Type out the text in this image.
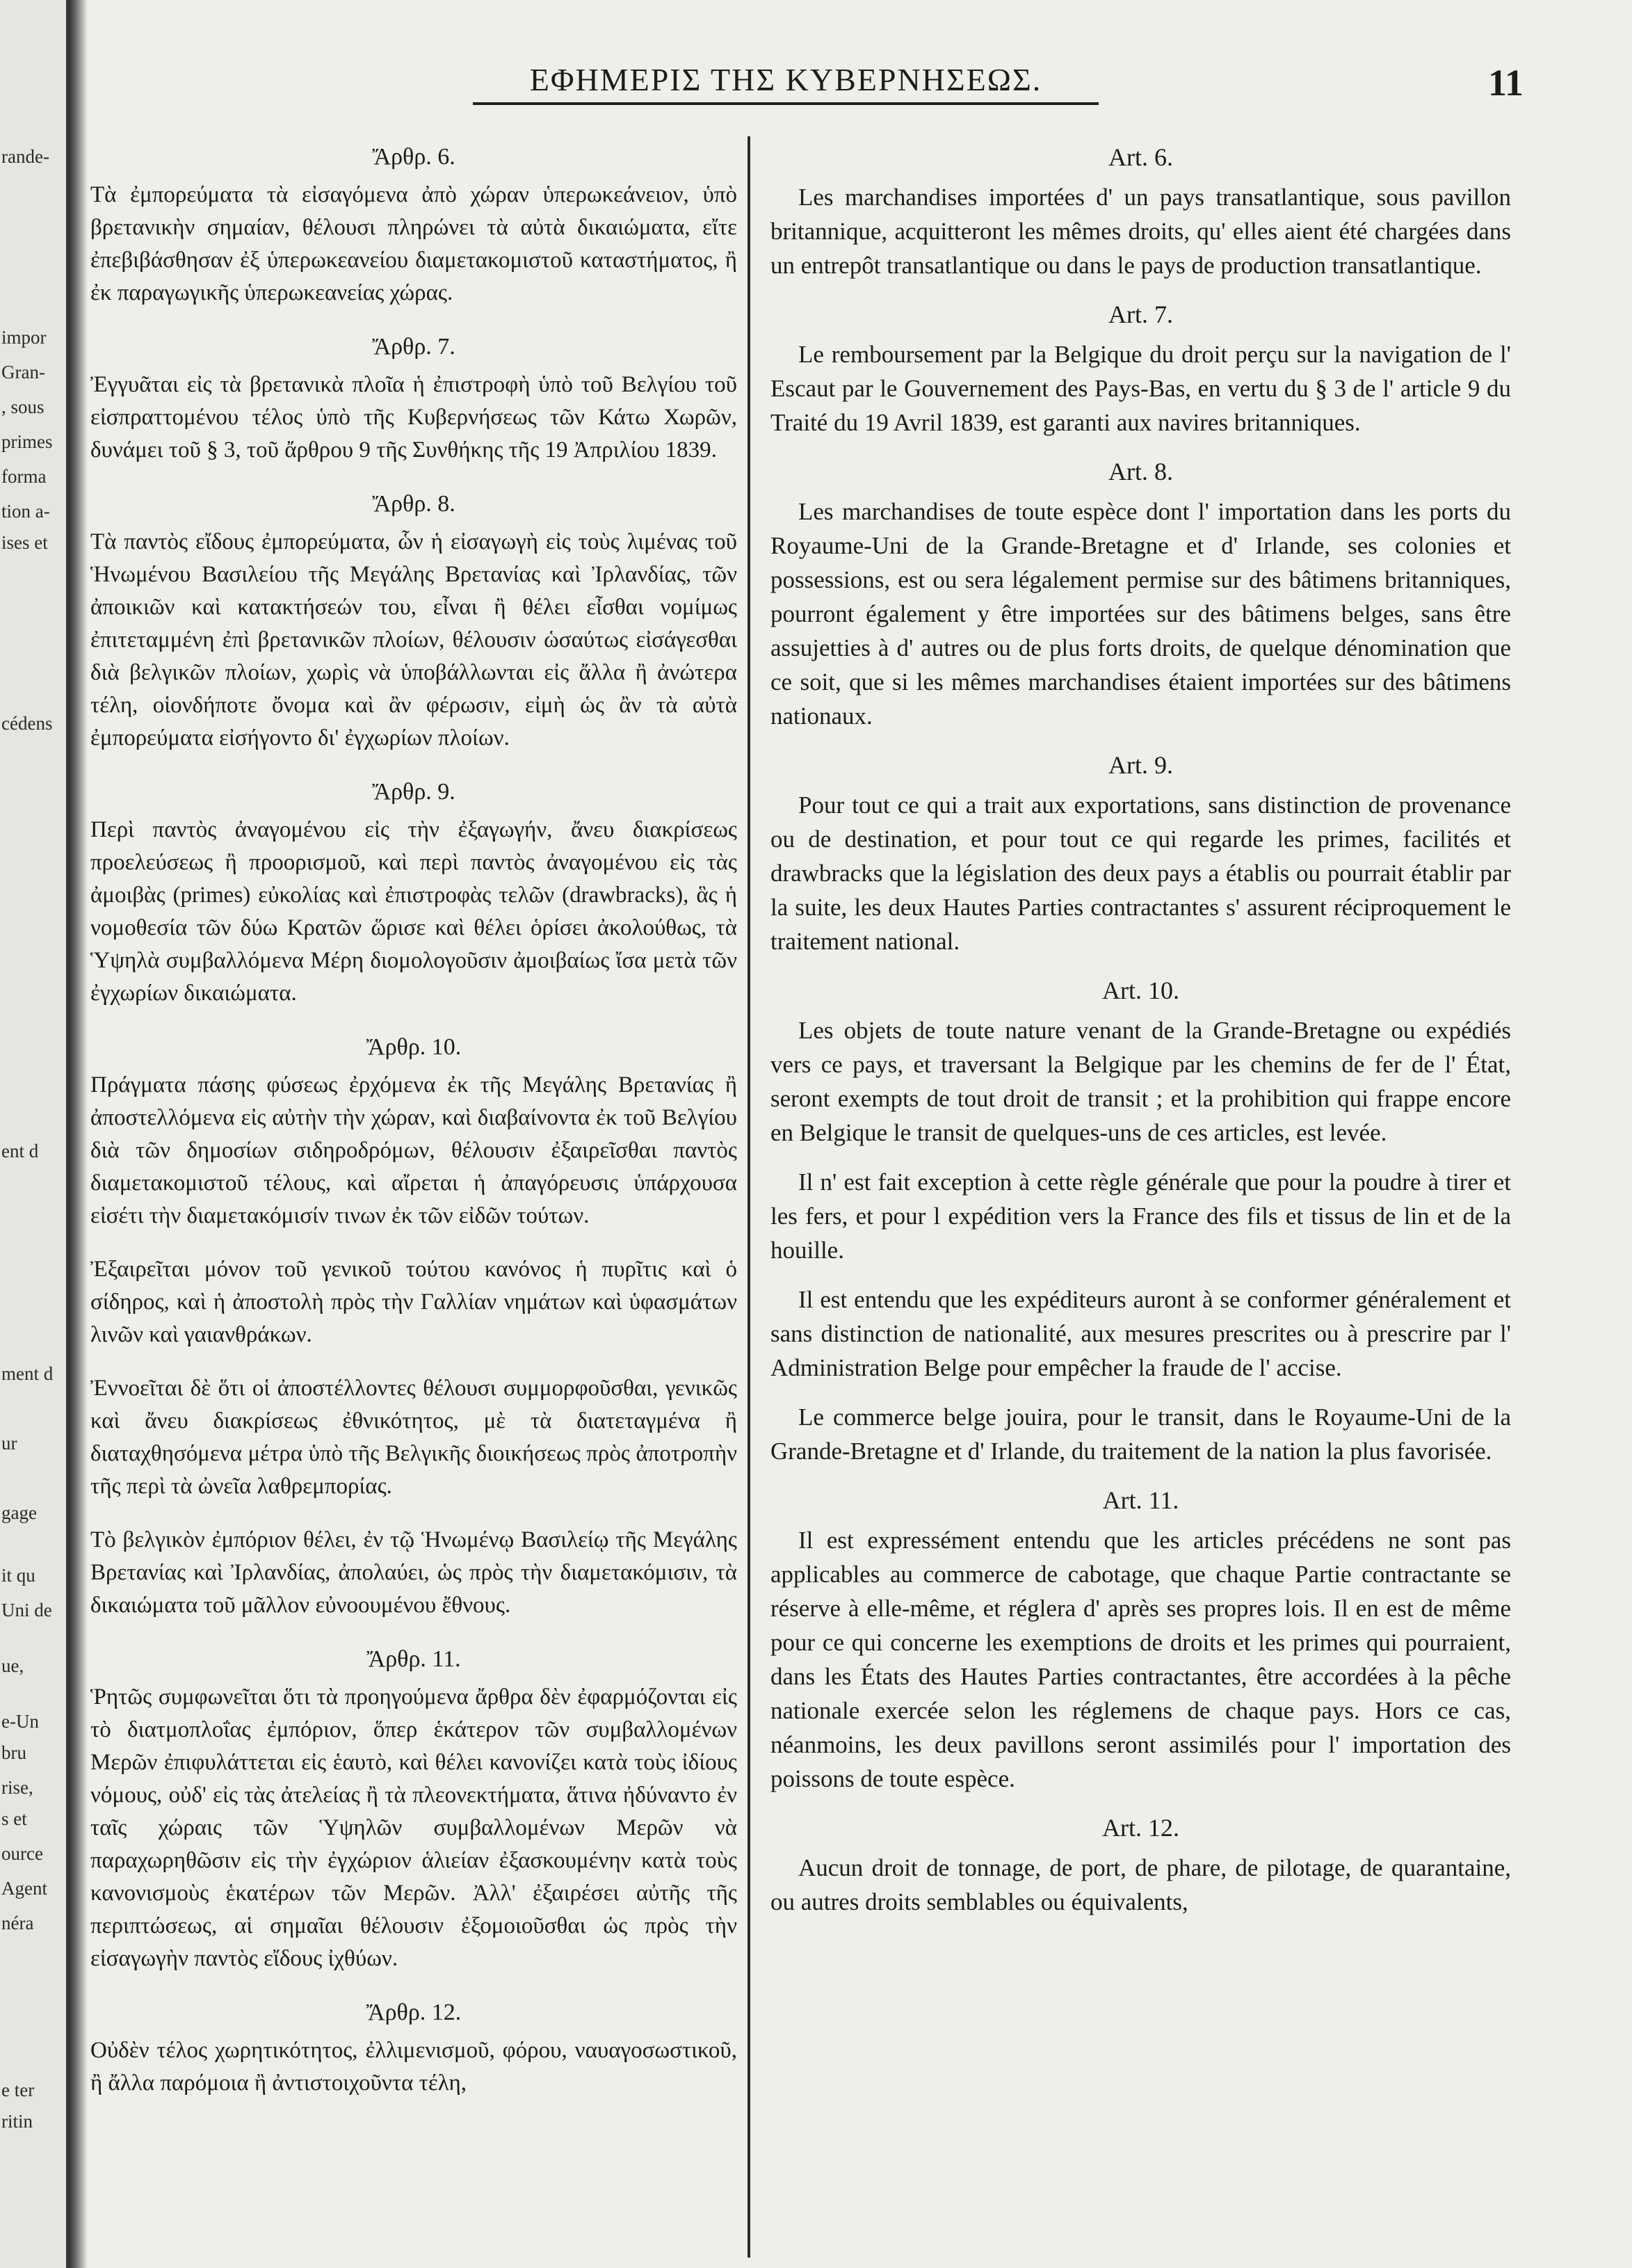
rande-
impor
Gran-
, sous
primes
forma
tion a-
ises et
cédens
ent d
ment d
ur
gage
it qu
Uni de
ue,
e-Un
bru
rise,
s et
ource
Agent
néra
e ter
ritin
ΕΦΗΜΕΡΙΣ ΤΗΣ ΚΥΒΕΡΝΗΣΕΩΣ.	11
Ἄρθρ. 6.
Τὰ ἐμπορεύματα τὰ εἰσαγόμενα ἀπὸ χώραν ὑπερωκεάνειον, ὑπὸ βρετανικὴν σημαίαν, θέλουσι πληρώνει τὰ αὐτὰ δικαιώματα, εἴτε ἐπεβιβάσθησαν ἐξ ὑπερωκεανείου διαμετακομιστοῦ καταστήματος, ἢ ἐκ παραγωγικῆς ὑπερωκεανείας χώρας.
Ἄρθρ. 7.
Ἐγγυᾶται εἰς τὰ βρετανικὰ πλοῖα ἡ ἐπιστροφὴ ὑπὸ τοῦ Βελγίου τοῦ εἰσπραττομένου τέλος ὑπὸ τῆς Κυβερνήσεως τῶν Κάτω Χωρῶν, δυνάμει τοῦ § 3, τοῦ ἄρθρου 9 τῆς Συνθήκης τῆς 19 Ἀπριλίου 1839.
Ἄρθρ. 8.
Τὰ παντὸς εἴδους ἐμπορεύματα, ὧν ἡ εἰσαγωγὴ εἰς τοὺς λιμένας τοῦ Ἡνωμένου Βασιλείου τῆς Μεγάλης Βρετανίας καὶ Ἰρλανδίας, τῶν ἀποικιῶν καὶ κατακτήσεών του, εἶναι ἢ θέλει εἶσθαι νομίμως ἐπιτεταμμένη ἐπὶ βρετανικῶν πλοίων, θέλουσιν ὡσαύτως εἰσάγεσθαι διὰ βελγικῶν πλοίων, χωρὶς νὰ ὑποβάλλωνται εἰς ἄλλα ἢ ἀνώτερα τέλη, οἱονδήποτε ὄνομα καὶ ἂν φέρωσιν, εἰμὴ ὡς ἂν τὰ αὐτὰ ἐμπορεύματα εἰσήγοντο δι' ἐγχωρίων πλοίων.
Ἄρθρ. 9.
Περὶ παντὸς ἀναγομένου εἰς τὴν ἐξαγωγήν, ἄνευ διακρίσεως προελεύσεως ἢ προορισμοῦ, καὶ περὶ παντὸς ἀναγομένου εἰς τὰς ἀμοιβὰς (primes) εὐκολίας καὶ ἐπιστροφὰς τελῶν (drawbracks), ἃς ἡ νομοθεσία τῶν δύω Κρατῶν ὥρισε καὶ θέλει ὁρίσει ἀκολούθως, τὰ Ὑψηλὰ συμβαλλόμενα Μέρη διομολογοῦσιν ἀμοιβαίως ἴσα μετὰ τῶν ἐγχωρίων δικαιώματα.
Ἄρθρ. 10.
Πράγματα πάσης φύσεως ἐρχόμενα ἐκ τῆς Μεγάλης Βρετανίας ἢ ἀποστελλόμενα εἰς αὐτὴν τὴν χώραν, καὶ διαβαίνοντα ἐκ τοῦ Βελγίου διὰ τῶν δημοσίων σιδηροδρόμων, θέλουσιν ἐξαιρεῖσθαι παντὸς διαμετακομιστοῦ τέλους, καὶ αἴρεται ἡ ἀπαγόρευσις ὑπάρχουσα εἰσέτι τὴν διαμετακόμισίν τινων ἐκ τῶν εἰδῶν τούτων.
Ἐξαιρεῖται μόνον τοῦ γενικοῦ τούτου κανόνος ἡ πυρῖτις καὶ ὁ σίδηρος, καὶ ἡ ἀποστολὴ πρὸς τὴν Γαλλίαν νημάτων καὶ ὑφασμάτων λινῶν καὶ γαιανθράκων.
Ἐννοεῖται δὲ ὅτι οἱ ἀποστέλλοντες θέλουσι συμμορφοῦσθαι, γενικῶς καὶ ἄνευ διακρίσεως ἐθνικότητος, μὲ τὰ διατεταγμένα ἢ διαταχθησόμενα μέτρα ὑπὸ τῆς Βελγικῆς διοικήσεως πρὸς ἀποτροπὴν τῆς περὶ τὰ ὠνεῖα λαθρεμπορίας.
Τὸ βελγικὸν ἐμπόριον θέλει, ἐν τῷ Ἡνωμένῳ Βασιλείῳ τῆς Μεγάλης Βρετανίας καὶ Ἰρλανδίας, ἀπολαύει, ὡς πρὸς τὴν διαμετακόμισιν, τὰ δικαιώματα τοῦ μᾶλλον εὐνοουμένου ἔθνους.
Ἄρθρ. 11.
Ῥητῶς συμφωνεῖται ὅτι τὰ προηγούμενα ἄρθρα δὲν ἐφαρμόζονται εἰς τὸ διατμοπλοΐας ἐμπόριον, ὅπερ ἑκάτερον τῶν συμβαλλομένων Μερῶν ἐπιφυλάττεται εἰς ἑαυτὸ, καὶ θέλει κανονίζει κατὰ τοὺς ἰδίους νόμους, οὐδ' εἰς τὰς ἀτελείας ἢ τὰ πλεονεκτήματα, ἅτινα ἠδύναντο ἐν ταῖς χώραις τῶν Ὑψηλῶν συμβαλλομένων Μερῶν νὰ παραχωρηθῶσιν εἰς τὴν ἐγχώριον ἁλιείαν ἐξασκουμένην κατὰ τοὺς κανονισμοὺς ἑκατέρων τῶν Μερῶν. Ἀλλ' ἐξαιρέσει αὐτῆς τῆς περιπτώσεως, αἱ σημαῖαι θέλουσιν ἐξομοιοῦσθαι ὡς πρὸς τὴν εἰσαγωγὴν παντὸς εἴδους ἰχθύων.
Ἄρθρ. 12.
Οὐδὲν τέλος χωρητικότητος, ἐλλιμενισμοῦ, φόρου, ναυαγοσωστικοῦ, ἢ ἄλλα παρόμοια ἢ ἀντιστοιχοῦντα τέλη,
Art. 6.
Les marchandises importées d' un pays transatlantique, sous pavillon britannique, acquitteront les mêmes droits, qu' elles aient été chargées dans un entrepôt transatlantique ou dans le pays de production transatlantique.
Art. 7.
Le remboursement par la Belgique du droit perçu sur la navigation de l' Escaut par le Gouvernement des Pays-Bas, en vertu du § 3 de l' article 9 du Traité du 19 Avril 1839, est garanti aux navires britanniques.
Art. 8.
Les marchandises de toute espèce dont l' importation dans les ports du Royaume-Uni de la Grande-Bretagne et d' Irlande, ses colonies et possessions, est ou sera légalement permise sur des bâtimens britanniques, pourront également y être importées sur des bâtimens belges, sans être assujetties à d' autres ou de plus forts droits, de quelque dénomination que ce soit, que si les mêmes marchandises étaient importées sur des bâtimens nationaux.
Art. 9.
Pour tout ce qui a trait aux exportations, sans distinction de provenance ou de destination, et pour tout ce qui regarde les primes, facilités et drawbracks que la législation des deux pays a établis ou pourrait établir par la suite, les deux Hautes Parties contractantes s' assurent réciproquement le traitement national.
Art. 10.
Les objets de toute nature venant de la Grande-Bretagne ou expédiés vers ce pays, et traversant la Belgique par les chemins de fer de l' État, seront exempts de tout droit de transit ; et la prohibition qui frappe encore en Belgique le transit de quelques-uns de ces articles, est levée.
Il n' est fait exception à cette règle générale que pour la poudre à tirer et les fers, et pour l expédition vers la France des fils et tissus de lin et de la houille.
Il est entendu que les expéditeurs auront à se conformer généralement et sans distinction de nationalité, aux mesures prescrites ou à prescrire par l' Administration Belge pour empêcher la fraude de l' accise.
Le commerce belge jouira, pour le transit, dans le Royaume-Uni de la Grande-Bretagne et d' Irlande, du traitement de la nation la plus favorisée.
Art. 11.
Il est expressément entendu que les articles précédens ne sont pas applicables au commerce de cabotage, que chaque Partie contractante se réserve à elle-même, et réglera d' après ses propres lois. Il en est de même pour ce qui concerne les exemptions de droits et les primes qui pourraient, dans les États des Hautes Parties contractantes, être accordées à la pêche nationale exercée selon les réglemens de chaque pays. Hors ce cas, néanmoins, les deux pavillons seront assimilés pour l' importation des poissons de toute espèce.
Art. 12.
Aucun droit de tonnage, de port, de phare, de pilotage, de quarantaine, ou autres droits semblables ou équivalents,
